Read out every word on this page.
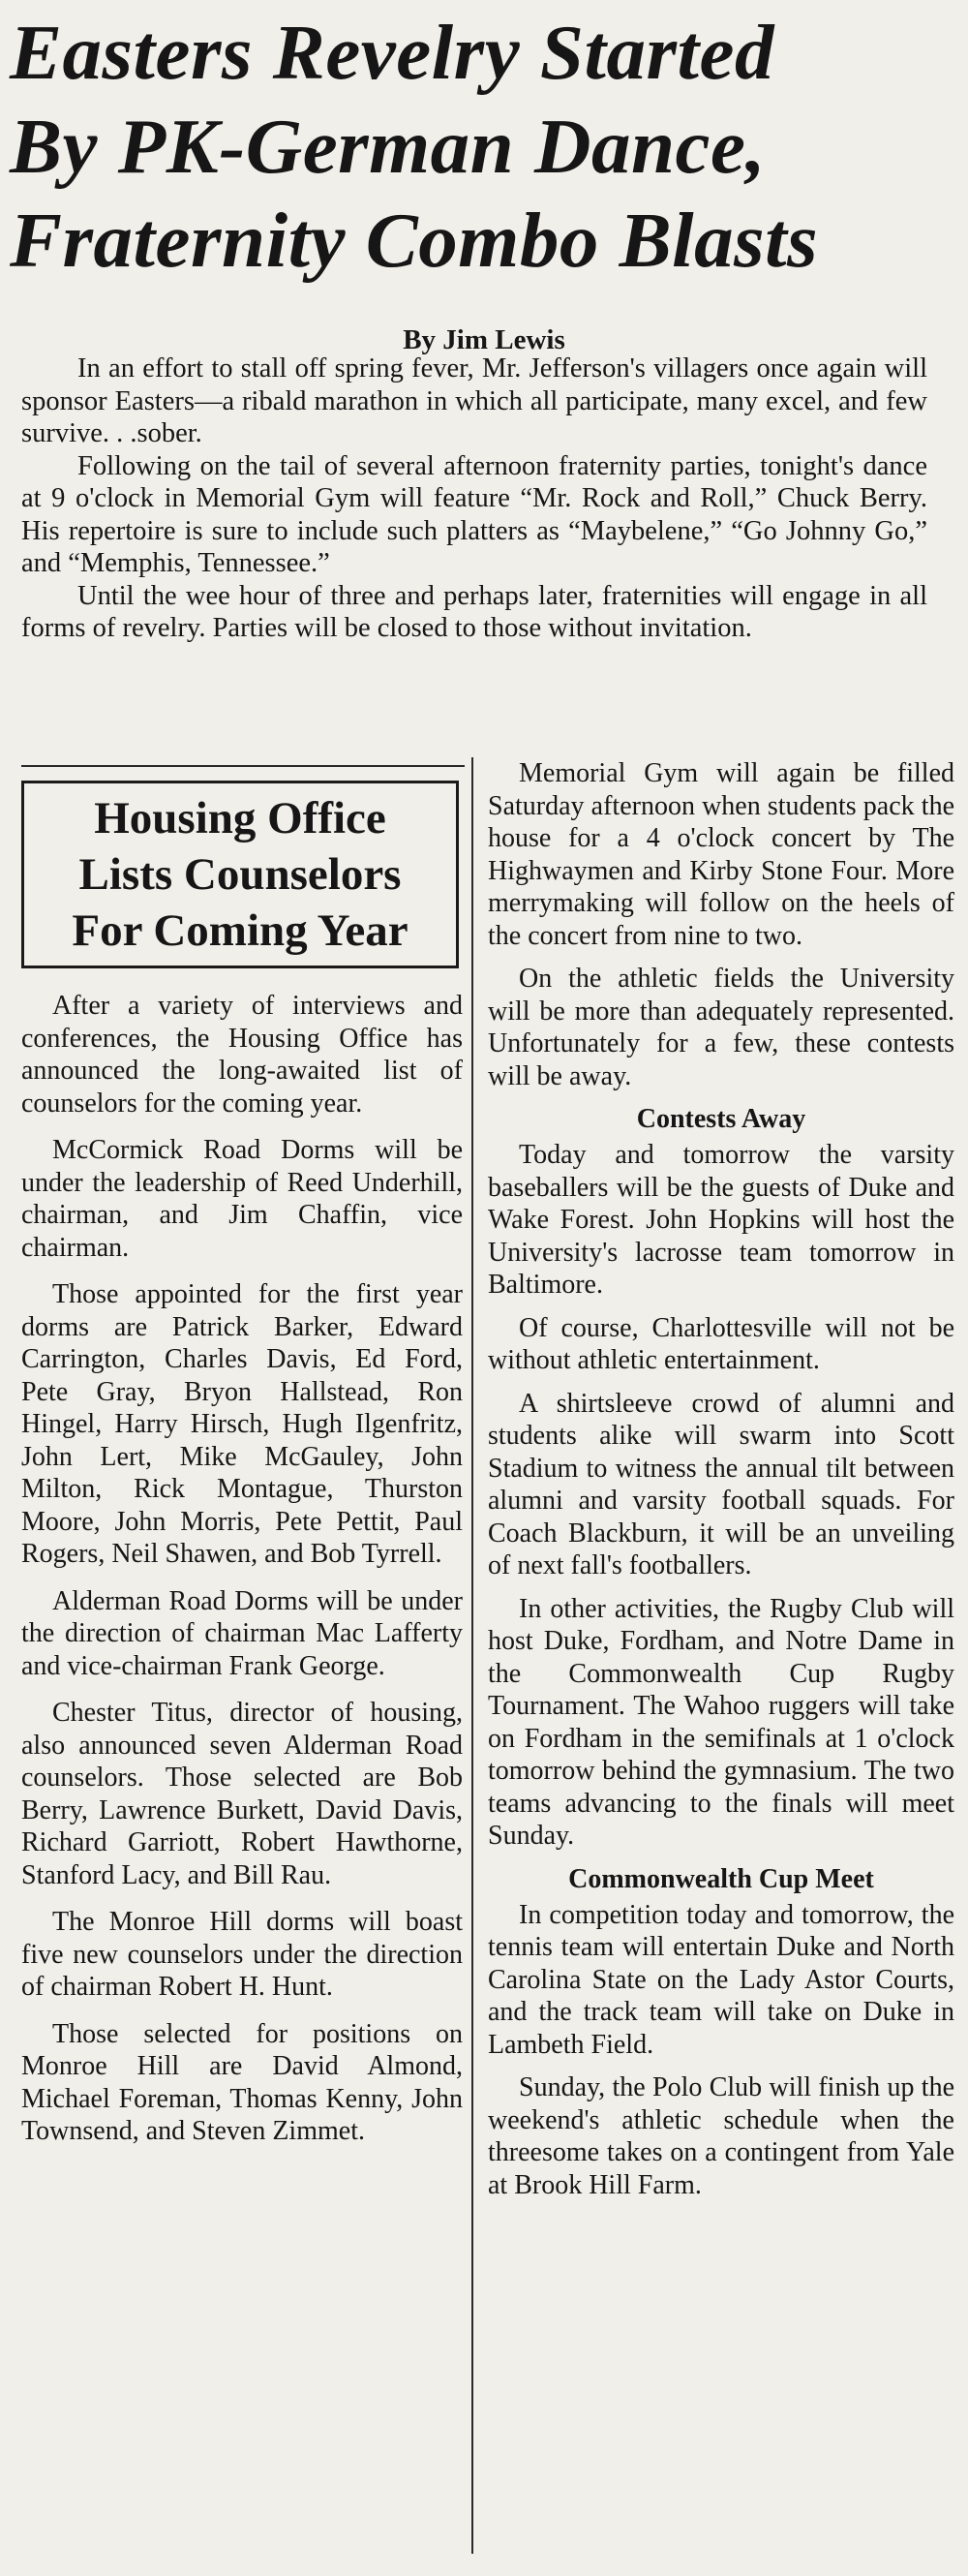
Easters Revelry Started
By PK-German Dance,
Fraternity Combo Blasts
By Jim Lewis

In an effort to stall off spring fever, Mr. Jefferson's villagers once again will sponsor Easters—a ribald marathon in which all participate, many excel, and few survive. . .sober.

Following on the tail of several afternoon fraternity parties, tonight's dance at 9 o'clock in Memorial Gym will feature “Mr. Rock and Roll,” Chuck Berry. His repertoire is sure to include such platters as “Maybelene,” “Go Johnny Go,” and “Memphis, Tennessee.”

Until the wee hour of three and perhaps later, fraternities will engage in all forms of revelry. Parties will be closed to those without invitation.

Housing Office
Lists Counselors
For Coming Year

After a variety of interviews and conferences, the Housing Office has announced the long-awaited list of counselors for the coming year.

McCormick Road Dorms will be under the leadership of Reed Underhill, chairman, and Jim Chaffin, vice chairman.

Those appointed for the first year dorms are Patrick Barker, Edward Carrington, Charles Davis, Ed Ford, Pete Gray, Bryon Hallstead, Ron Hingel, Harry Hirsch, Hugh Ilgenfritz, John Lert, Mike McGauley, John Milton, Rick Montague, Thurston Moore, John Morris, Pete Pettit, Paul Rogers, Neil Shawen, and Bob Tyrrell.

Alderman Road Dorms will be under the direction of chairman Mac Lafferty and vice-chairman Frank George.

Chester Titus, director of housing, also announced seven Alderman Road counselors. Those selected are Bob Berry, Lawrence Burkett, David Davis, Richard Garriott, Robert Hawthorne, Stanford Lacy, and Bill Rau.

The Monroe Hill dorms will boast five new counselors under the direction of chairman Robert H. Hunt.

Those selected for positions on Monroe Hill are David Almond, Michael Foreman, Thomas Kenny, John Townsend, and Steven Zimmet.

Memorial Gym will again be filled Saturday afternoon when students pack the house for a 4 o'clock concert by The Highwaymen and Kirby Stone Four. More merrymaking will follow on the heels of the concert from nine to two.

On the athletic fields the University will be more than adequately represented. Unfortunately for a few, these contests will be away.

Contests Away

Today and tomorrow the varsity baseballers will be the guests of Duke and Wake Forest. John Hopkins will host the University's lacrosse team tomorrow in Baltimore.

Of course, Charlottesville will not be without athletic entertainment.

A shirtsleeve crowd of alumni and students alike will swarm into Scott Stadium to witness the annual tilt between alumni and varsity football squads. For Coach Blackburn, it will be an unveiling of next fall's footballers.

In other activities, the Rugby Club will host Duke, Fordham, and Notre Dame in the Commonwealth Cup Rugby Tournament. The Wahoo ruggers will take on Fordham in the semifinals at 1 o'clock tomorrow behind the gymnasium. The two teams advancing to the finals will meet Sunday.

Commonwealth Cup Meet

In competition today and tomorrow, the tennis team will entertain Duke and North Carolina State on the Lady Astor Courts, and the track team will take on Duke in Lambeth Field.

Sunday, the Polo Club will finish up the weekend's athletic schedule when the threesome takes on a contingent from Yale at Brook Hill Farm.
